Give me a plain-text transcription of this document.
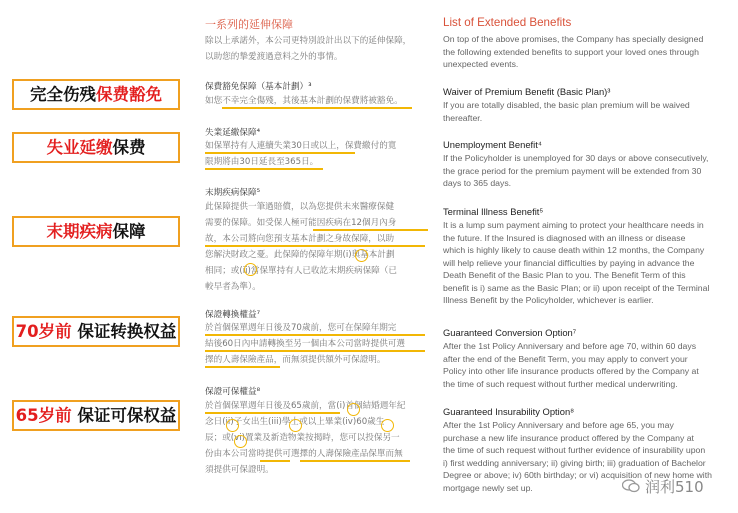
完全伤残保费豁免
失业延缴保费
末期疾病保障
70岁前 保证转换权益
65岁前 保证可保权益
一系列的延伸保障
除以上承諾外，本公司更特別設計出以下的延伸保障，
以助您的摯愛渡過意料之外的事情。
保費豁免保障（基本計劃）³
如您不幸完全傷殘，其後基本計劃的保費將被豁免。
失業延繳保障⁴
如保單持有人連續失業30日或以上，保費繳付的寬
限期將由30日延長至365日。
末期疾病保障⁵
此保障提供一筆過賠償，以為您提供未來醫療保健
需要的保障。如受保人極可能因疾病在12個月內身
故，本公司將向您預支基本計劃之身故保障，以助
您解決財政之憂。此保障的保障年期(i)與基本計劃
相同；或(ii)當保單持有人已收訖末期疾病保障（已
較早者為準）。
保證轉換權益⁷
於首個保單週年日後及70歲前，您可在保障年期完
結後60日內申請轉換至另一個由本公司當時提供可選
擇的人壽保險產品，而無須提供額外可保證明。
保證可保權益⁸
於首個保單週年日後及65歲前，當(i)首個結婚週年紀
念日(ii)子女出生(iii)學士或以上畢業(iv)60歲生
辰；或(vi)置業及新造物業按揭時，您可以投保另一
份由本公司當時提供可選擇的人壽保險產品保單而無
須提供可保證明。
List of Extended Benefits
On top of the above promises, the Company has specially designed
the following extended benefits to support your loved ones through
unexpected events.
Waiver of Premium Benefit (Basic Plan)³
If you are totally disabled, the basic plan premium will be waived
thereafter.
Unemployment Benefit⁴
If the Policyholder is unemployed for 30 days or above consecutively,
the grace period for the premium payment will be extended from 30
days to 365 days.
Terminal Illness Benefit⁵
It is a lump sum payment aiming to protect your healthcare needs in
the future. If the Insured is diagnosed with an illness or disease
which is highly likely to cause death within 12 months, the Company
will help relieve your financial difficulties by paying in advance the
Death Benefit of the Basic Plan to you. The Benefit Term of this
benefit is i) same as the Basic Plan; or ii) upon receipt of the Terminal
Illness Benefit by the Policyholder, whichever is earlier.
Guaranteed Conversion Option⁷
After the 1st Policy Anniversary and before age 70, within 60 days
after the end of the Benefit Term, you may apply to convert your
Policy into other life insurance products offered by the Company at
the time of such request without further medical underwriting.
Guaranteed Insurability Option⁸
After the 1st Policy Anniversary and before age 65, you may
purchase a new life insurance product offered by the Company at
the time of such request without further evidence of insurability upon
i) first wedding anniversary; ii) giving birth; iii) graduation of Bachelor
Degree or above; iv) 60th birthday; or vi) acquisition of new home with
mortgage newly set up.	润利510
